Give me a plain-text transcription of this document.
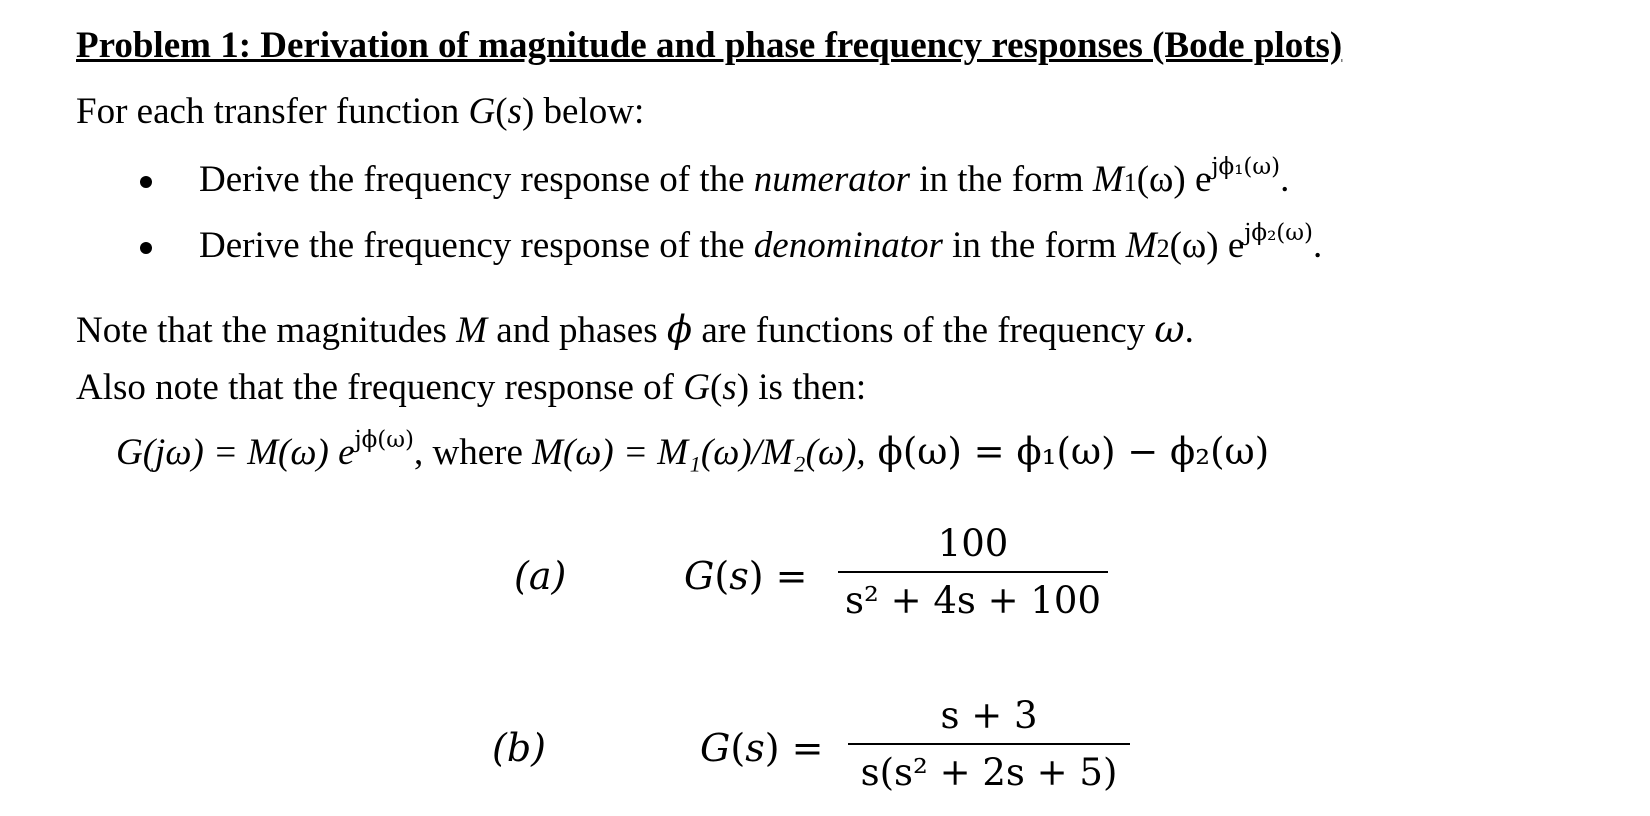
Problem 1: Derivation of magnitude and phase frequency responses (Bode plots)
For each transfer function G(s) below:
Derive the frequency response of the numerator in the form M1(ω) $e^{j\phi_1(\omega)}$.
Derive the frequency response of the denominator in the form M2(ω) $e^{j\phi_2(\omega)}$.
Note that the magnitudes M and phases ϕ are functions of the frequency ω.
Also note that the frequency response of G(s) is then:
G(jω) = M(ω) $e^{j\phi(\omega)}$, where M(ω) = M₁(ω)/M₂(ω), ϕ(ω) = ϕ₁(ω) − ϕ₂(ω)
(a)	G(s) =
100
s² + 4s + 100
(b)	G(s) =
s + 3
s(s² + 2s + 5)
